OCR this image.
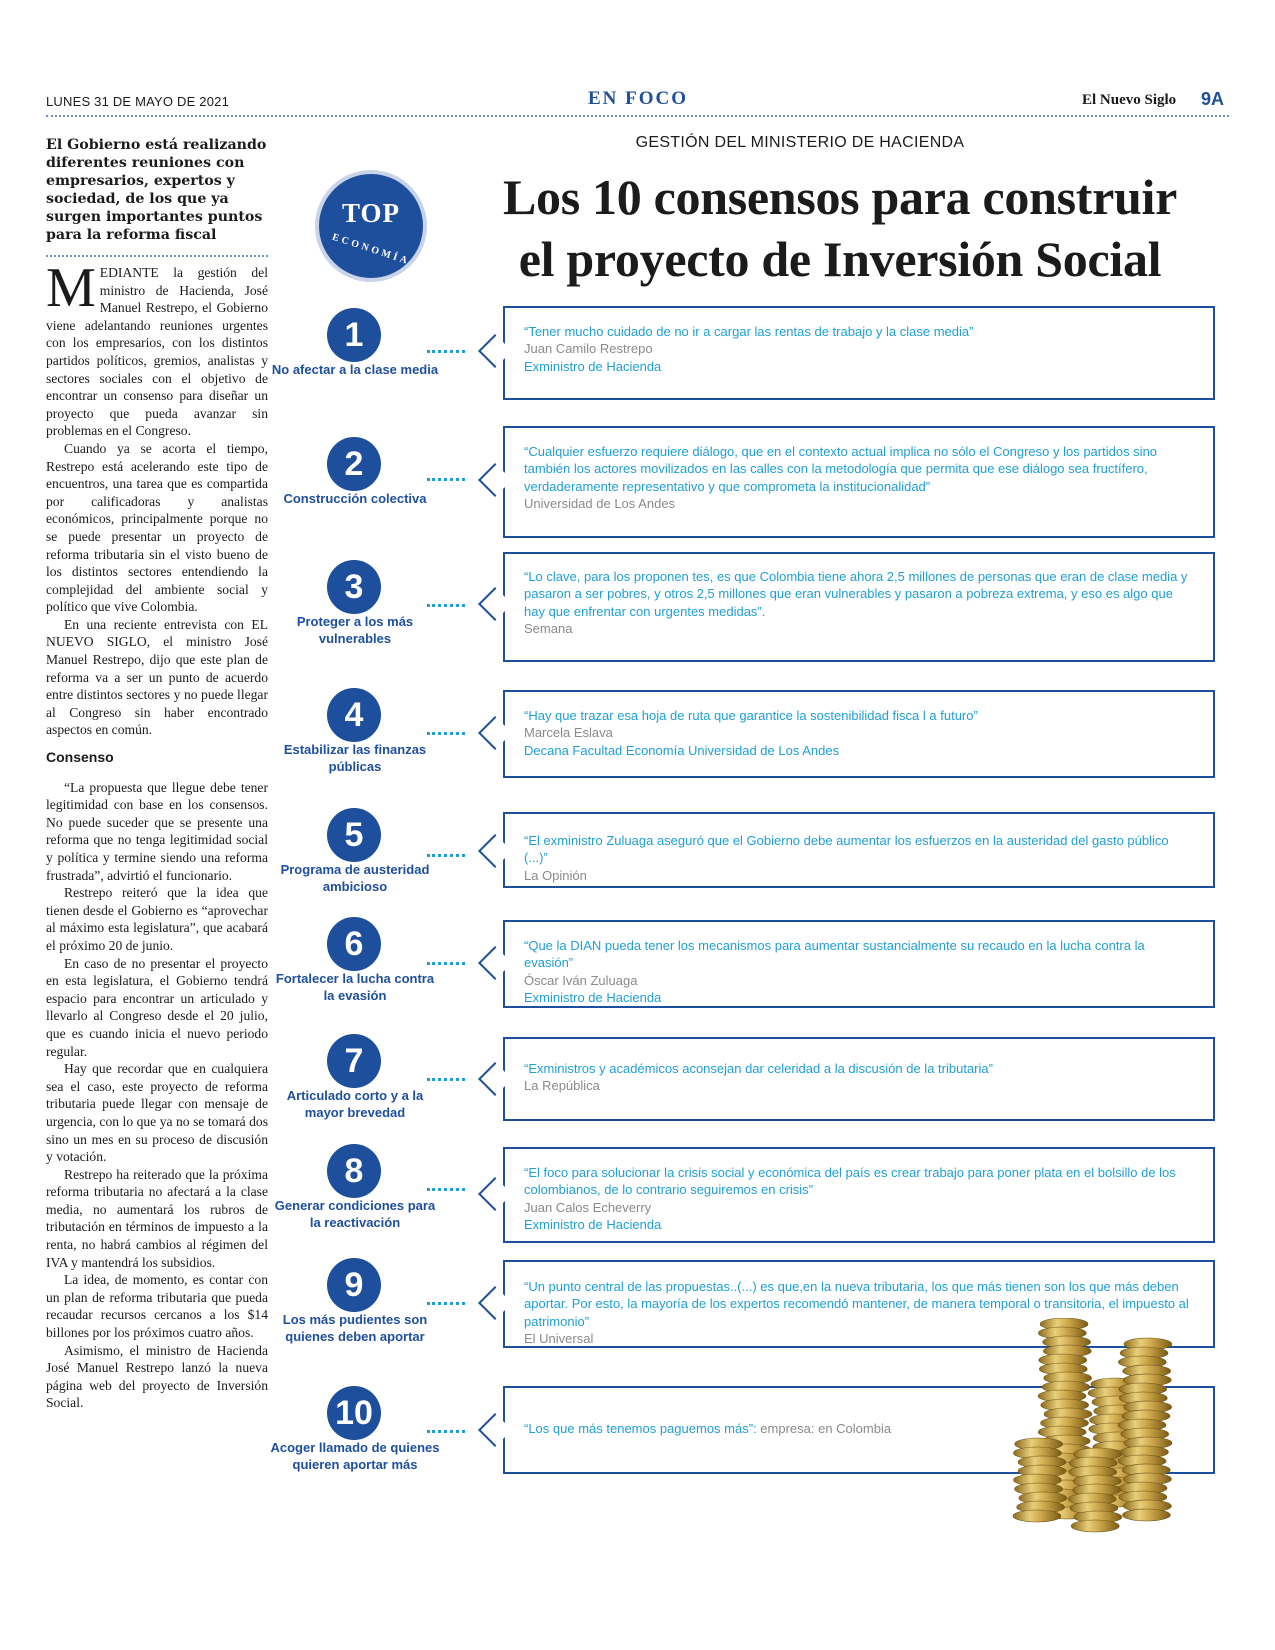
LUNES 31 DE MAYO DE 2021	EN FOCO	El Nuevo Siglo 9A
El Gobierno está realizando diferentes reuniones con empresarios, expertos y sociedad, de los que ya surgen importantes puntos para la reforma fiscal

MEDIANTE la gestión del ministro de Hacienda, José Manuel Restrepo, el Gobierno viene adelantando reuniones urgentes con los empresarios, con los distintos partidos políticos, gremios, analistas y sectores sociales con el objetivo de encontrar un consenso para diseñar un proyecto que pueda avanzar sin problemas en el Congreso.

Cuando ya se acorta el tiempo, Restrepo está acelerando este tipo de encuentros, una tarea que es compartida por calificadoras y analistas económicos, principalmente porque no se puede presentar un proyecto de reforma tributaria sin el visto bueno de los distintos sectores entendiendo la complejidad del ambiente social y político que vive Colombia.

En una reciente entrevista con EL NUEVO SIGLO, el ministro José Manuel Restrepo, dijo que este plan de reforma va a ser un punto de acuerdo entre distintos sectores y no puede llegar al Congreso sin haber encontrado aspectos en común.

Consenso

“La propuesta que llegue debe tener legitimidad con base en los consensos. No puede suceder que se presente una reforma que no tenga legitimidad social y política y termine siendo una reforma frustrada”, advirtió el funcionario.

Restrepo reiteró que la idea que tienen desde el Gobierno es “aprovechar al máximo esta legislatura”, que acabará el próximo 20 de junio.

En caso de no presentar el proyecto en esta legislatura, el Gobierno tendrá espacio para encontrar un articulado y llevarlo al Congreso desde el 20 julio, que es cuando inicia el nuevo periodo regular.

Hay que recordar que en cualquiera sea el caso, este proyecto de reforma tributaria puede llegar con mensaje de urgencia, con lo que ya no se tomará dos sino un mes en su proceso de discusión y votación.

Restrepo ha reiterado que la próxima reforma tributaria no afectará a la clase media, no aumentará los rubros de tributación en términos de impuesto a la renta, no habrá cambios al régimen del IVA y mantendrá los subsidios.

La idea, de momento, es contar con un plan de reforma tributaria que pueda recaudar recursos cercanos a los $14 billones por los próximos cuatro años.

Asimismo, el ministro de Hacienda José Manuel Restrepo lanzó la nueva página web del proyecto de Inversión Social.

TOP
ECONOMÍA
GESTIÓN DEL MINISTERIO DE HACIENDA
Los 10 consensos para construir
el proyecto de Inversión Social
1
No afectar a la clase media
“Tener mucho cuidado de no ir a cargar las rentas de trabajo y la clase media”
Juan Camilo Restrepo
Exministro de Hacienda
2
Construcción colectiva
“Cualquier esfuerzo requiere diálogo, que en el contexto actual implica no sólo el Congreso y los partidos sino también los actores movilizados en las calles con la metodología que permita que ese diálogo sea fructífero, verdaderamente representativo y que comprometa la institucionalidad”
Universidad de Los Andes
3
Proteger a los más vulnerables
“Lo clave, para los proponen tes, es que Colombia tiene ahora 2,5 millones de personas que eran de clase media y pasaron a ser pobres, y otros 2,5 millones que eran vulnerables y pasaron a pobreza extrema, y eso es algo que hay que enfrentar con urgentes medidas”.
Semana
4
Estabilizar las finanzas públicas
“Hay que trazar esa hoja de ruta que garantice la sostenibilidad fisca l a futuro”
Marcela Eslava
Decana Facultad Economía Universidad de Los Andes
5
Programa de austeridad ambicioso
“El exministro Zuluaga aseguró que el Gobierno debe aumentar los esfuerzos en la austeridad del gasto público (...)”
La Opinión
6
Fortalecer la lucha contra la evasión
“Que la DIAN pueda tener los mecanismos para aumentar sustancialmente su recaudo en la lucha contra la evasión”
Óscar Iván Zuluaga
Exministro de Hacienda
7
Articulado corto y a la mayor brevedad
“Exministros y académicos aconsejan dar celeridad a la discusión de la tributaria”
La República
8
Generar condiciones para la reactivación
“El foco para solucionar la crisis social y económica del país es crear trabajo para poner plata en el bolsillo de los colombianos, de lo contrario seguiremos en crisis”
Juan Calos Echeverry
Exministro de Hacienda
9
Los más pudientes son quienes deben aportar
“Un punto central de las propuestas..(...) es que,en la nueva tributaria, los que más tienen son los que más deben aportar. Por esto, la mayoría de los expertos recomendó mantener, de manera temporal o transitoria, el impuesto al patrimonio”
El Universal
10
Acoger llamado de quienes quieren aportar más
“Los que más tenemos paguemos más”: empresa: en Colombia
